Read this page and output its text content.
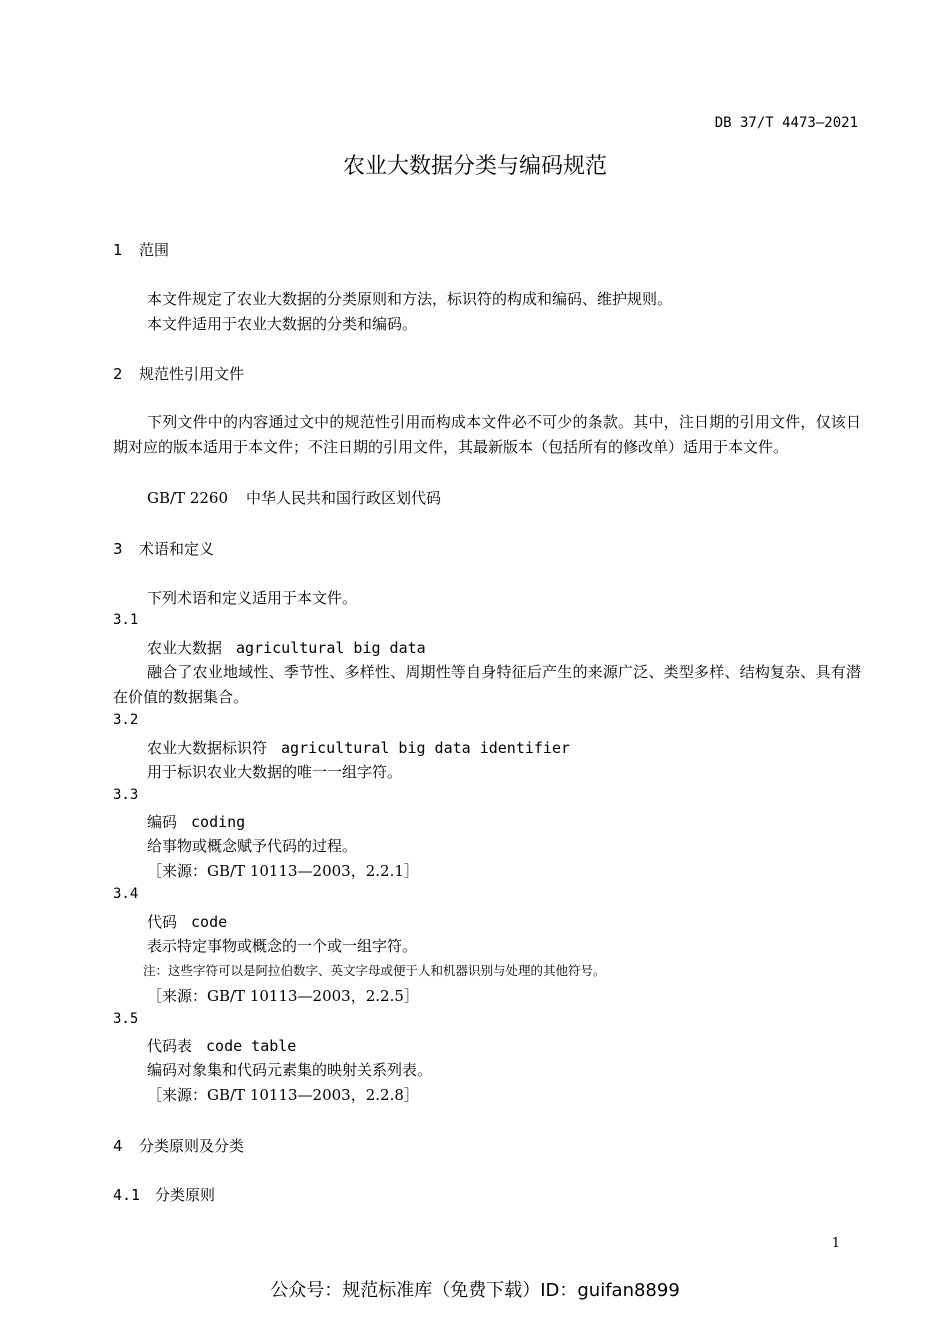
DB 37/T 4473—2021
农业大数据分类与编码规范
1 范围
本文件规定了农业大数据的分类原则和方法，标识符的构成和编码、维护规则。
本文件适用于农业大数据的分类和编码。
2 规范性引用文件
下列文件中的内容通过文中的规范性引用而构成本文件必不可少的条款。其中，注日期的引用文件，仅该日期对应的版本适用于本文件；不注日期的引用文件，其最新版本（包括所有的修改单）适用于本文件。
GB/T 2260 中华人民共和国行政区划代码
3 术语和定义
下列术语和定义适用于本文件。
3.1
农业大数据 agricultural big data
融合了农业地域性、季节性、多样性、周期性等自身特征后产生的来源广泛、类型多样、结构复杂、具有潜在价值的数据集合。
3.2
农业大数据标识符 agricultural big data identifier
用于标识农业大数据的唯一一组字符。
3.3
编码 coding
给事物或概念赋予代码的过程。
［来源：GB/T 10113—2003，2.2.1］
3.4
代码 code
表示特定事物或概念的一个或一组字符。
注：这些字符可以是阿拉伯数字、英文字母或便于人和机器识别与处理的其他符号。
［来源：GB/T 10113—2003，2.2.5］
3.5
代码表 code table
编码对象集和代码元素集的映射关系列表。
［来源：GB/T 10113—2003，2.2.8］
4 分类原则及分类
4.1 分类原则
1
公众号：规范标准库（免费下载）ID：guifan8899
